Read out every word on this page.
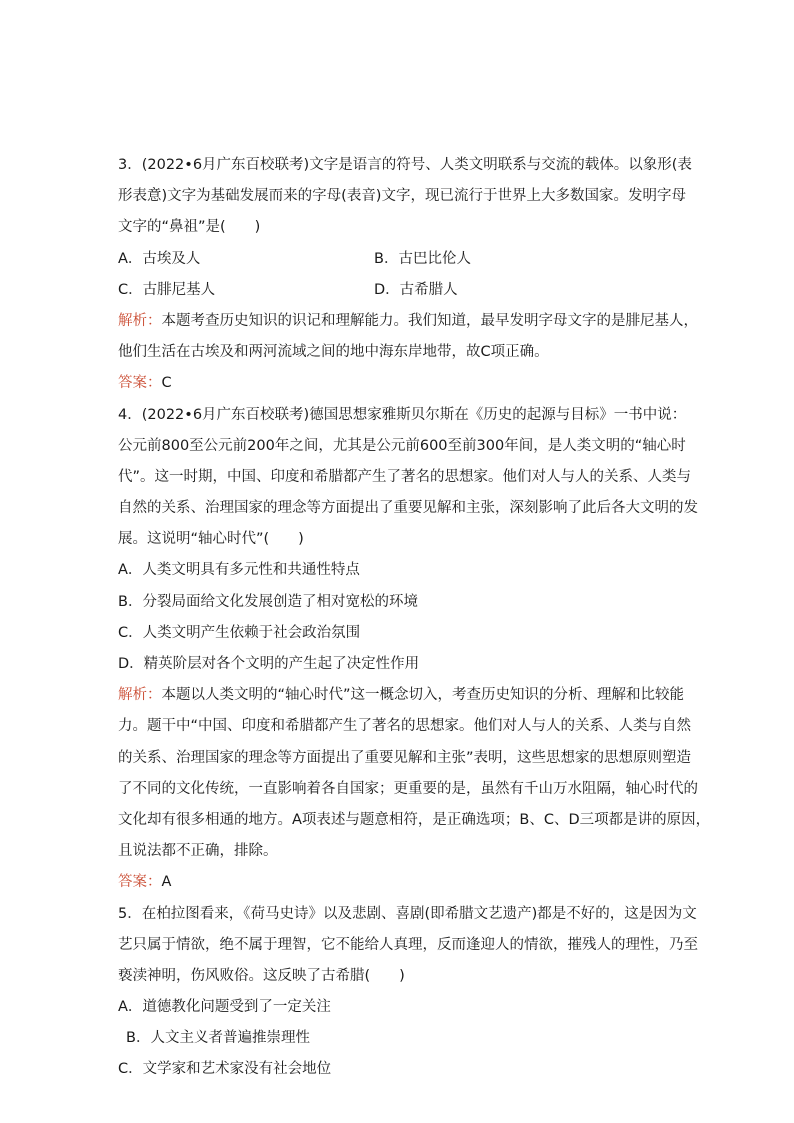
3．(2022•6月广东百校联考)文字是语言的符号、人类文明联系与交流的载体。以象形(表
形表意)文字为基础发展而来的字母(表音)文字，现已流行于世界上大多数国家。发明字母
文字的“鼻祖”是(　　)
A．古埃及人	B．古巴比伦人
C．古腓尼基人	D．古希腊人
解析：本题考查历史知识的识记和理解能力。我们知道，最早发明字母文字的是腓尼基人，
他们生活在古埃及和两河流域之间的地中海东岸地带，故C项正确。
答案：C
4．(2022•6月广东百校联考)德国思想家雅斯贝尔斯在《历史的起源与目标》一书中说：
公元前800至公元前200年之间，尤其是公元前600至前300年间，是人类文明的“轴心时
代”。这一时期，中国、印度和希腊都产生了著名的思想家。他们对人与人的关系、人类与
自然的关系、治理国家的理念等方面提出了重要见解和主张，深刻影响了此后各大文明的发
展。这说明“轴心时代”(　　)
A．人类文明具有多元性和共通性特点
B．分裂局面给文化发展创造了相对宽松的环境
C．人类文明产生依赖于社会政治氛围
D．精英阶层对各个文明的产生起了决定性作用
解析：本题以人类文明的“轴心时代”这一概念切入，考查历史知识的分析、理解和比较能
力。题干中“中国、印度和希腊都产生了著名的思想家。他们对人与人的关系、人类与自然
的关系、治理国家的理念等方面提出了重要见解和主张”表明，这些思想家的思想原则塑造
了不同的文化传统，一直影响着各自国家；更重要的是，虽然有千山万水阻隔，轴心时代的
文化却有很多相通的地方。A项表述与题意相符，是正确选项；B、C、D三项都是讲的原因，
且说法都不正确，排除。
答案：A
5．在柏拉图看来，《荷马史诗》以及悲剧、喜剧(即希腊文艺遗产)都是不好的，这是因为文
艺只属于情欲，绝不属于理智，它不能给人真理，反而逢迎人的情欲，摧残人的理性，乃至
亵渎神明，伤风败俗。这反映了古希腊(　　)
A．道德教化问题受到了一定关注
B．人文主义者普遍推崇理性
C．文学家和艺术家没有社会地位
